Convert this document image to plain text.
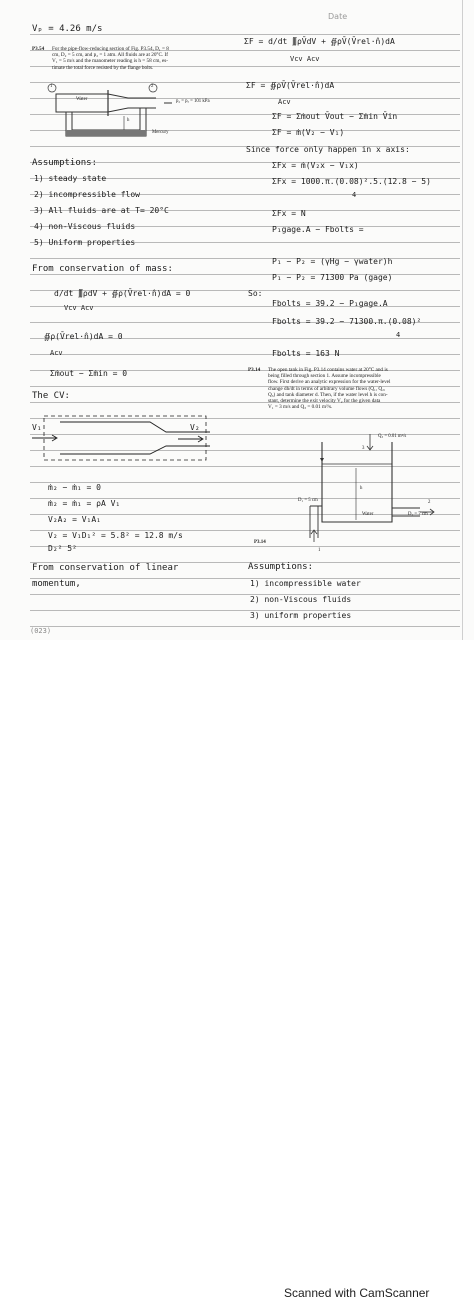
Date
Vₚ = 4.26 m/s
P3.54 For the pipe-flow-reducing section of Fig. P3.54, D₁ = 8
cm, D₂ = 5 cm, and p₂ = 1 atm. All fluids are at 20°C. If
V₁ = 5 m/s and the manometer reading is h = 58 cm, es-
timate the total force resisted by the flange bolts.
1	2
Water	p₂ = pₐ = 101 kPa
h
Mercury
Assumptions:
1) steady state
2) incompressible flow
3) All fluids are at T= 20°C
4) non-Viscous fluids
5) Uniform properties
From conservation of mass:
d/dt ∭ρdV + ∯ρ(V̄rel·n̂)dA = 0
Vcv Acv
∯ρ(V̄rel·n̂)dA = 0
Acv
Σṁout − Σṁin = 0
The CV:
V₁	V₂
ṁ₂ − ṁ₁ = 0
ṁ₂ = ṁ₁ = ρA V₁
V₂A₂ = V₁A₁
V₂ = V₁D₁² = 5.8² = 12.8 m/s
D₂² 5²
From conservation of linear
momentum,
ΣF = d/dt ∭ρV̄dV + ∯ρV̄(V̄rel·n̂)dA
Vcv Acv
ΣF = ∯ρV̄(V̄rel·n̂)dA
Acv
ΣF = Σṁout V̄out − Σṁin V̄in
ΣF = ṁ(V₂ − V₁)
Since force only happen in x axis:
ΣFx = ṁ(V₂x − V₁x)
ΣFx = 1000.π.(0.08)².5.(12.8 − 5)
4
ΣFx = N
P₁gage.A − Fbolts =
P₁ − P₂ = (γHg − γwater)h
P₁ − P₂ = 71300 Pa (gage)
So:
Fbolts = 39.2 − P₁gage.A
Fbolts = 39.2 − 71300.π.(0.08)²
4
Fbolts = 163 N
P3.14 The open tank in Fig. P3.14 contains water at 20°C and is
being filled through section 1. Assume incompressible
flow. First derive an analytic expression for the water-level
change dh/dt in terms of arbitrary volume flows (Q₁, Q₂,
Q₃) and tank diameter d. Then, if the water level h is con-
stant, determine the exit velocity V₂ for the given data
V₁ = 3 m/s and Q₃ = 0.01 m³/s.
Q₃ = 0.01 m³/s
h
D₁ = 5 cm
D₂ = 7 cm
Water
1
2
3
P3.14
Assumptions:
1) incompressible water
2) non-Viscous fluids
3) uniform properties
(023)
Scanned with CamScanner
